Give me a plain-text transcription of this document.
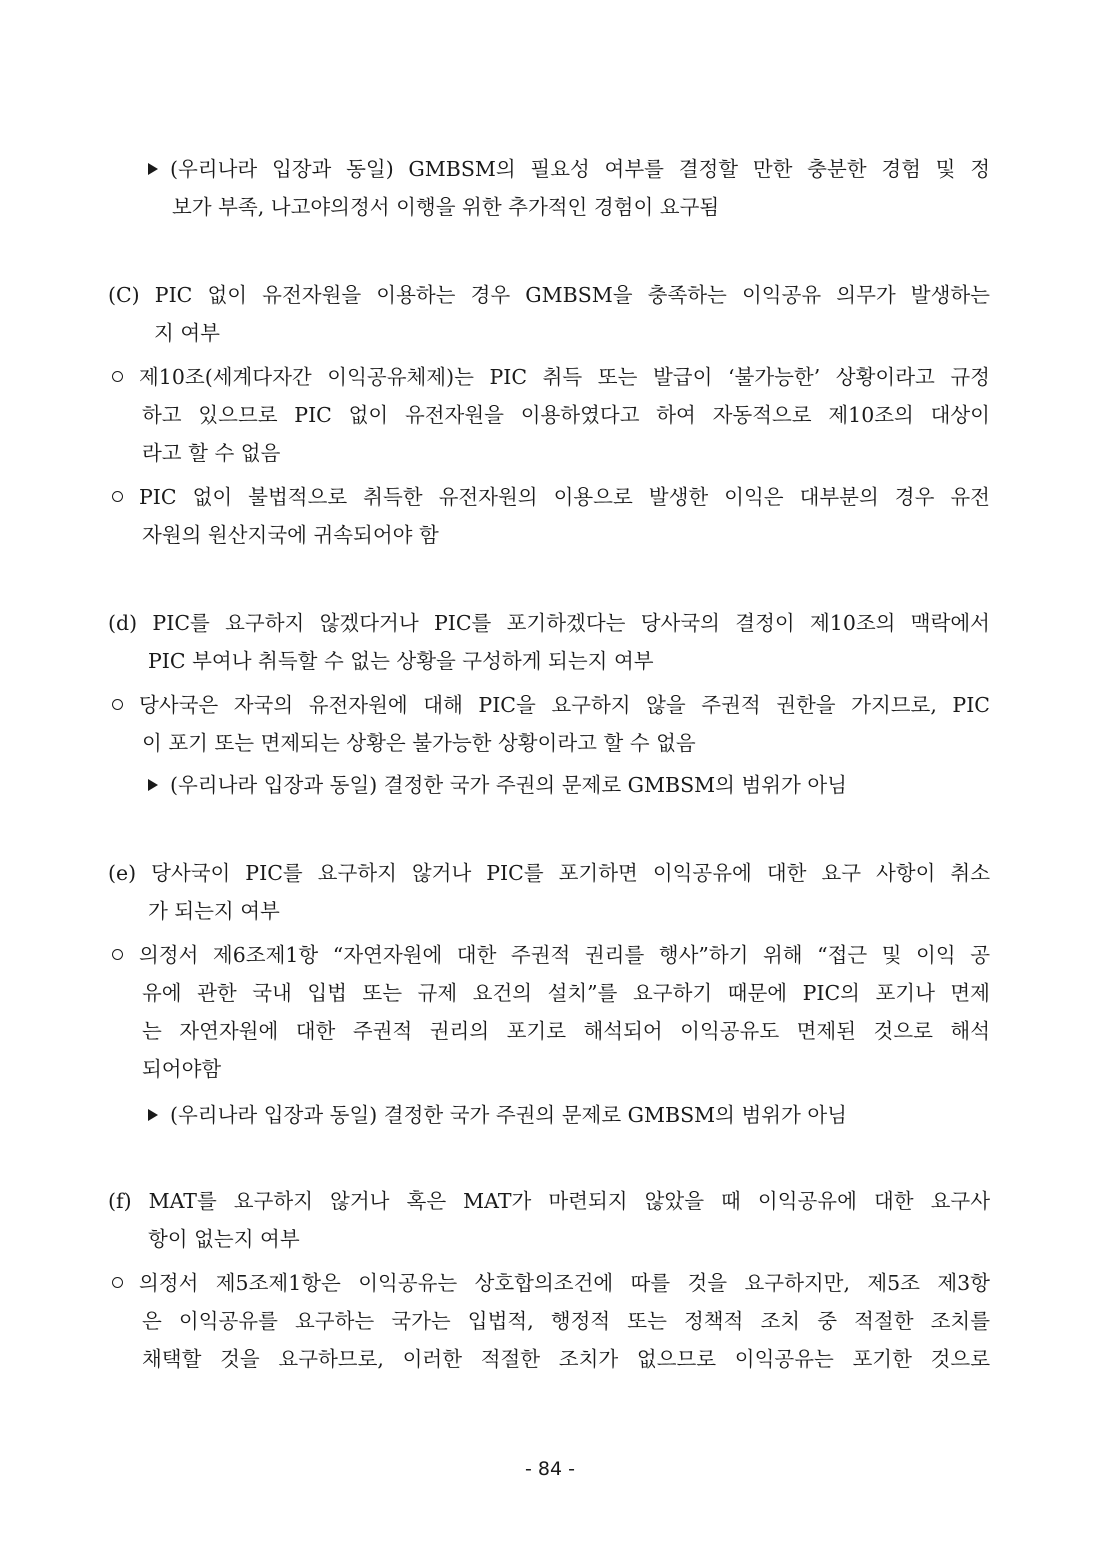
(우리나라 입장과 동일) GMBSM의 필요성 여부를 결정할 만한 충분한 경험 및 정
보가 부족, 나고야의정서 이행을 위한 추가적인 경험이 요구됨
(C) PIC 없이 유전자원을 이용하는 경우 GMBSM을 충족하는 이익공유 의무가 발생하는
지 여부
제10조(세계다자간 이익공유체제)는 PIC 취득 또는 발급이 ‘불가능한’ 상황이라고 규정
하고 있으므로 PIC 없이 유전자원을 이용하였다고 하여 자동적으로 제10조의 대상이
라고 할 수 없음
PIC 없이 불법적으로 취득한 유전자원의 이용으로 발생한 이익은 대부분의 경우 유전
자원의 원산지국에 귀속되어야 함
(d) PIC를 요구하지 않겠다거나 PIC를 포기하겠다는 당사국의 결정이 제10조의 맥락에서
PIC 부여나 취득할 수 없는 상황을 구성하게 되는지 여부
당사국은 자국의 유전자원에 대해 PIC을 요구하지 않을 주권적 권한을 가지므로, PIC
이 포기 또는 면제되는 상황은 불가능한 상황이라고 할 수 없음
(우리나라 입장과 동일) 결정한 국가 주권의 문제로 GMBSM의 범위가 아님
(e) 당사국이 PIC를 요구하지 않거나 PIC를 포기하면 이익공유에 대한 요구 사항이 취소
가 되는지 여부
의정서 제6조제1항 “자연자원에 대한 주권적 권리를 행사”하기 위해 “접근 및 이익 공
유에 관한 국내 입법 또는 규제 요건의 설치”를 요구하기 때문에 PIC의 포기나 면제
는 자연자원에 대한 주권적 권리의 포기로 해석되어 이익공유도 면제된 것으로 해석
되어야함
(우리나라 입장과 동일) 결정한 국가 주권의 문제로 GMBSM의 범위가 아님
(f) MAT를 요구하지 않거나 혹은 MAT가 마련되지 않았을 때 이익공유에 대한 요구사
항이 없는지 여부
의정서 제5조제1항은 이익공유는 상호합의조건에 따를 것을 요구하지만, 제5조 제3항
은 이익공유를 요구하는 국가는 입법적, 행정적 또는 정책적 조치 중 적절한 조치를
채택할 것을 요구하므로, 이러한 적절한 조치가 없으므로 이익공유는 포기한 것으로
- 84 -
